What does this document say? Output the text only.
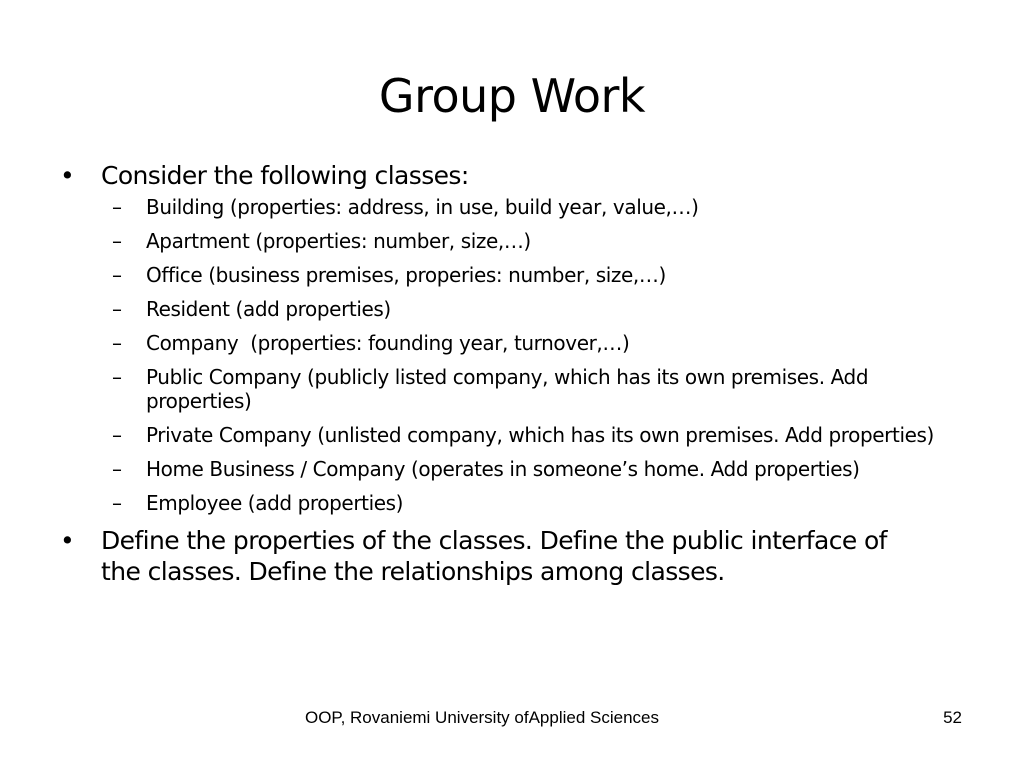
Group Work
• Consider the following classes:
– Building (properties: address, in use, build year, value,…)
– Apartment (properties: number, size,…)
– Office (business premises, properies: number, size,…)
– Resident (add properties)
– Company  (properties: founding year, turnover,…)
– Public Company (publicly listed company, which has its own premises. Add properties)
– Private Company (unlisted company, which has its own premises. Add properties)
– Home Business / Company (operates in someone’s home. Add properties)
– Employee (add properties)
• Define the properties of the classes. Define the public interface of the classes. Define the relationships among classes.
OOP, Rovaniemi University ofApplied Sciences	52
